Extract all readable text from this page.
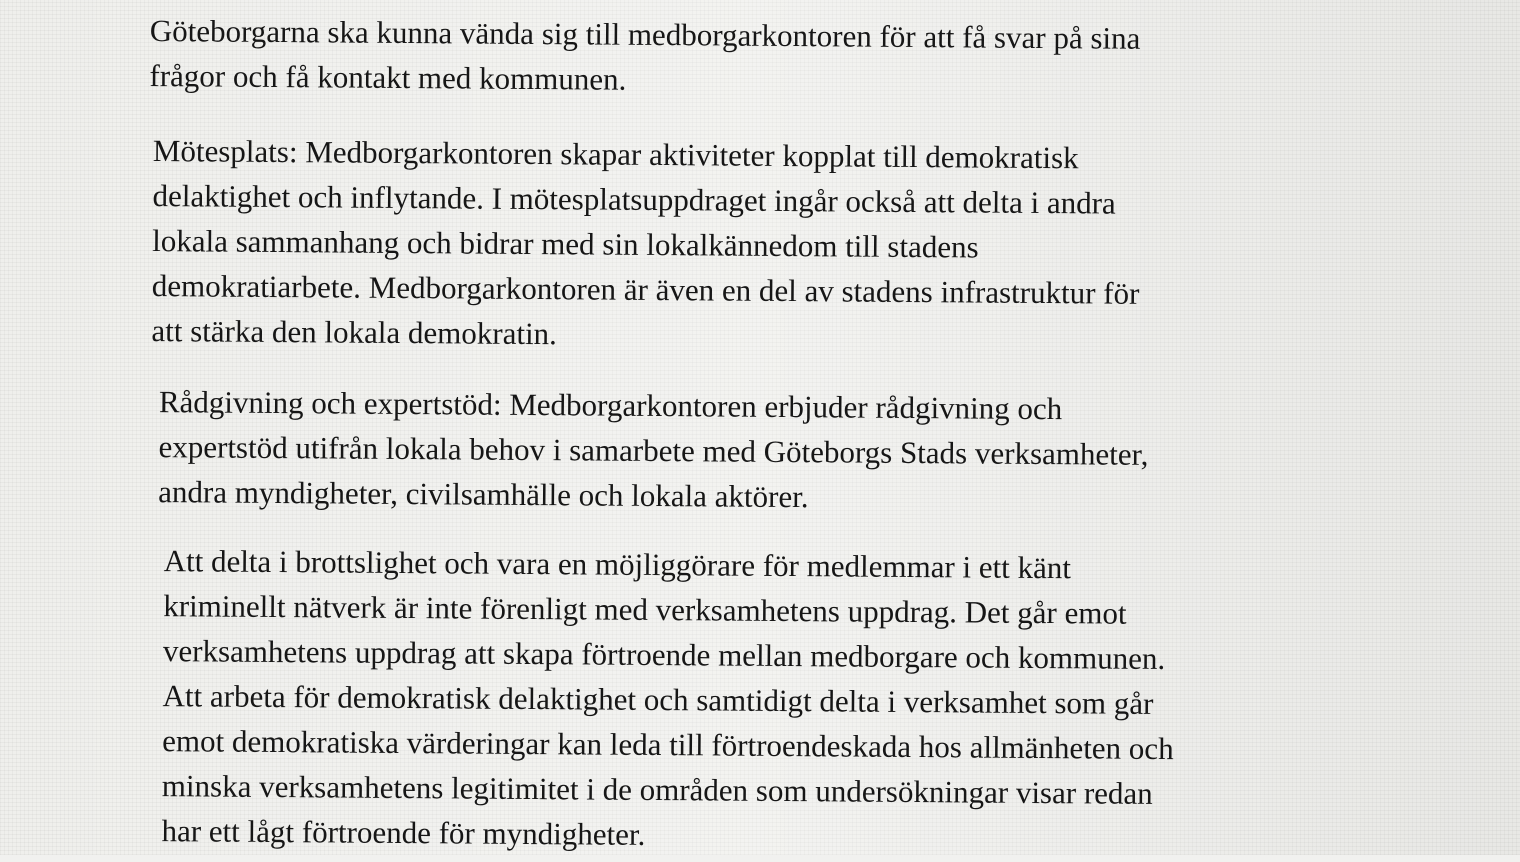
Göteborgarna ska kunna vända sig till medborgarkontoren för att få svar på sina
frågor och få kontakt med kommunen.

Mötesplats: Medborgarkontoren skapar aktiviteter kopplat till demokratisk
delaktighet och inflytande. I mötesplatsuppdraget ingår också att delta i andra
lokala sammanhang och bidrar med sin lokalkännedom till stadens
demokratiarbete. Medborgarkontoren är även en del av stadens infrastruktur för
att stärka den lokala demokratin.

Rådgivning och expertstöd: Medborgarkontoren erbjuder rådgivning och
expertstöd utifrån lokala behov i samarbete med Göteborgs Stads verksamheter,
andra myndigheter, civilsamhälle och lokala aktörer.

Att delta i brottslighet och vara en möjliggörare för medlemmar i ett känt
kriminellt nätverk är inte förenligt med verksamhetens uppdrag. Det går emot
verksamhetens uppdrag att skapa förtroende mellan medborgare och kommunen.
Att arbeta för demokratisk delaktighet och samtidigt delta i verksamhet som går
emot demokratiska värderingar kan leda till förtroendeskada hos allmänheten och
minska verksamhetens legitimitet i de områden som undersökningar visar redan
har ett lågt förtroende för myndigheter.
